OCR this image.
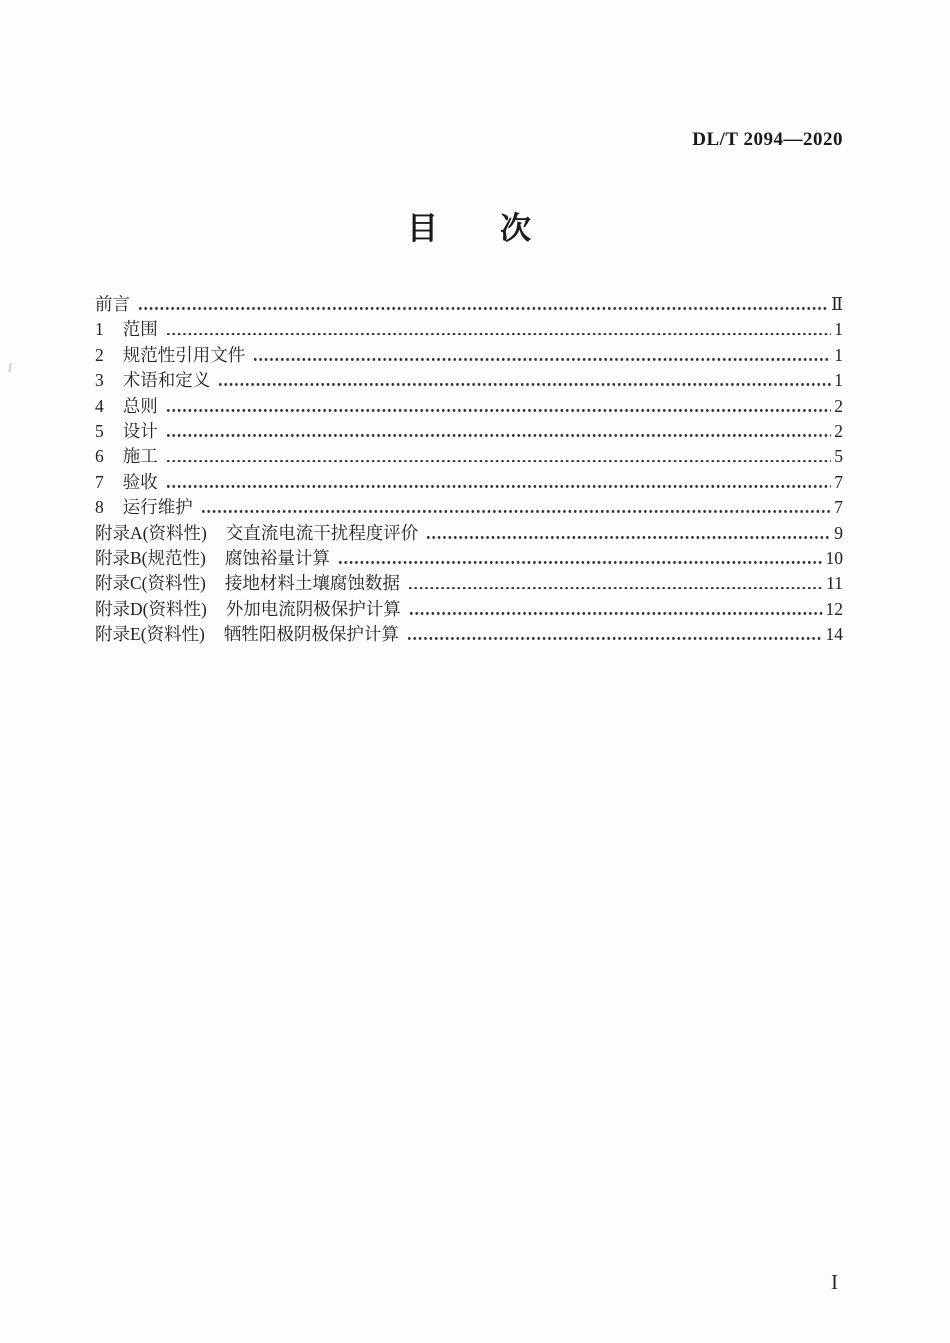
DL/T 2094—2020
目　　次
前言	Ⅱ
1 范围	1
2 规范性引用文件	1
3 术语和定义	1
4 总则	2
5 设计	2
6 施工	5
7 验收	7
8 运行维护	7
附录A(资料性) 交直流电流干扰程度评价	9
附录B(规范性) 腐蚀裕量计算	10
附录C(资料性) 接地材料土壤腐蚀数据	11
附录D(资料性) 外加电流阴极保护计算	12
附录E(资料性) 牺牲阳极阴极保护计算	14
I
